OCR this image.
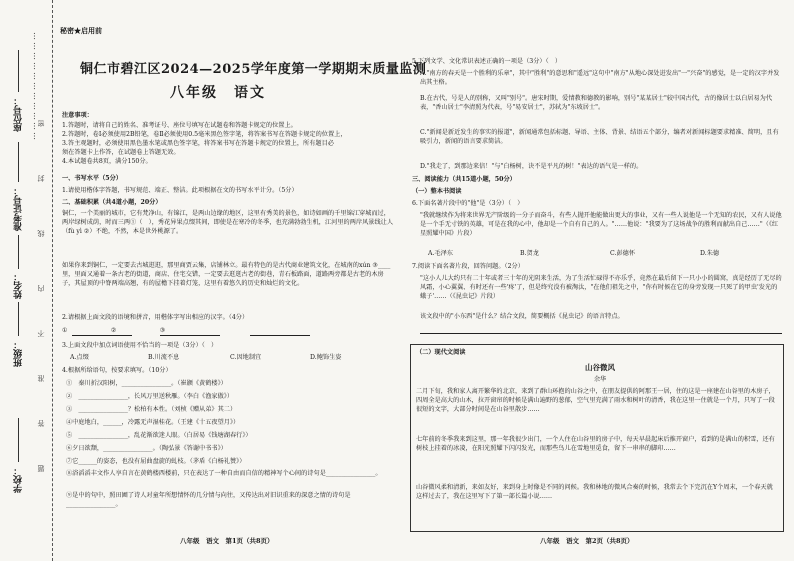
座位号：
准考证号：
姓名：
班级：
学校：
密
封
线
内
不
准
答
题
……………………………	秘密★启用前
铜仁市碧江区2024—2025学年度第一学期期末质量监测
八年级　语文
注意事项：
1.答题时，请将自己的姓名、准考证号、座位号填写在试题卷和答题卡规定的位置上。
2.答题时，卷Ⅰ必须使用2B铅笔，卷Ⅱ必须使用0.5毫米黑色签字笔，将答案书写在答题卡规定的位置上，
3.答主观题时，必须使用黑色墨水笔或黑色签字笔，将答案书写在答题卡规定的位置上，所有题目必
须在答题卡上作答，在试题卷上答题无效。
4.本试题卷共8页，满分150分。
一、书写水平（5分）
1.请使用楷体字答题，书写规范、端正、整洁。此项根据在文的书写水平计分。（5分）
二、基础积累（共4道小题，20分）
铜仁，一个美丽的城市，它有梵净山，有锦江，是两山边缘的地区，这里有秀美的景色，如诗如画的千里锦江穿城而过，两岸绿树成荫，时而三两①（　），秀花异果点缀其间，即使是在寒冷的冬季，也充满勃勃生机，江河里的两岸风景线让人（fù yì ②）不绝，不然，本是世外桃源了。
如果你来到铜仁，一定要去古城逛逛，那里商贾云集，店铺林立。最有特色的是古代商业建筑文化，在城南的xún ③____里，里面又通着一条古老的街道，商店、住宅交错，一定要去逛逛古老的街巷，青石板路面，道路两旁都是古老的木房子，其屋顶的中脊两端高翘，有的屋檐下挂着灯笼，这里有着悠久的历史和灿烂的文化。
2.请根据上面文段的语境和拼音，用楷体字写出相应的汉字。（4分）
①　　　　　　　②　　　　　　　③
3.上面文段中加点词语使用不恰当的一项是（3分）（　）
A.点缀	B.川流不息	C.因地制宜	D.鲍饰生姿
4.根据所给语句，按要求填写。（10分）
①　秦川折汉阳树，________________。（崔颢《黄鹤楼》）
②　________________，长风万里送秋雁。（李白《渔家傲》）
③　________________？松柏有本性。（刘桢《赠从弟》其二）
④中庭地白，______，冷露无声湿桂花。（王建《十五夜望月》）
⑤　________________，乱花渐欲迷人眼。（白居易《钱塘湖春行》）
⑥夕日欲颓，________________。（陶弘景《答谢中书书》）
⑦它______的姿态，也没有屈曲盘旋的虬枝。（茅盾《白杨礼赞》）
⑧浴滔滔丰文作人享自言在黄鹤楼西楼前，只在表达了一种自由而自信的精神写个心间的诗句是________________。
⑨是中的句中，照田圃了诗人对童年所想情怀的几分情与向往，又传达出对旧识重来的深意之情的诗句是________________。
八年级　语文　第1页（共8页）
5.下列文学、文化常识表述正确的一项是（3分）（　）
A."南方的春天是一个胜利的乐章"，其中"胜利"的意思和"遥远"这句中"南方"从地心深处迸发出"一"兴奋"的感觉，是一定的汉字并发出其主格。
B.在古代，号是人的别称，又叫"别号"。唐宋时期，爱情教和德教的影响，别号"某某居士"较中国古代，古的像居士以白居易为代表，"香山居士"李清照为代表，号"易安居士"，苏轼为"东坡居士"。
C."新闻是新近发生的事实的报道"，新闻通常包括标题、导语、主体、背景、结语五个部分，编者对新闻标题要求精准、简明，且有吸引力，新闻的语言要求简洁。
D."我走了，到那边来信！"与"白杨树，诀不是平凡的树！"表达的语气是一样的。
三、阅读能力（共15道小题，50分）
（一）整本书阅读
6.下面名著片段中的"他"是（3分）（　）
"我就继续作为将来世界无产阶级的一分子而奋斗，有些人抛开他能做出更大的事业，又有一些人说他是一个无知的农民，又有人说他是一个手无寸铁的英雄，可是在我的心中，他却是一个自有自己的人。"……他说："我要为了这场战争的胜利而献出自己……"（《红星照耀中国》片段）
A.毛泽东	B.贺龙	C.彭德怀	D.朱德
7.阅读下面名著片段，回答问题。（2分）
"这小人儿大约只有二十年或者三十年的光阴来生活，为了生活忙碌得不亦乐乎，竟然在最后留下一只小小的圆窝，真是经历了无尽的风霜，小心翼翼、有时还有一些'疼'了，但是终究没有被淘汰，"在他们祖先之中，"你有时候在它的身旁发现一只死了的甲虫'发光的蛾子'……（《昆虫记》片段）
该文段中的"小东西"是什么？结合文段，简要概括《昆虫记》的语言特点。
（二）现代文阅读
山谷微风
余华
二月下旬，我和家人离开繁华的北京，来到了群山环抱的山谷之中，在朋友提供的阿那王一居，住的这是一座建在山谷里的木房子，四周全是高大的山木，拉开窗帘的时候是满山遍野的葱郁，空气里充满了雨水和树叶的清香，我在这里一住就是一个月，只写了一段很短的文字，大部分时间是在山谷里散步……
七年前的冬季我来到这里，那一年我很少出门，一个人住在山谷里的房子中，每天早晨起床后推开窗户，看到的是满山的积雪，还有树枝上挂着的冰凌，在阳光照耀下闪闪发光，而那些鸟儿在雪地里觅食，留下一串串的脚印……
山谷微风柔和清新，来如友好，来到身上时像是不同的问候。我和林地的微风合奏的时候，我常去个下完沉在Y个周末，一个春天就这样过去了，我在这里写下了第一部长篇小说……
八年级　语文　第2页（共8页）
